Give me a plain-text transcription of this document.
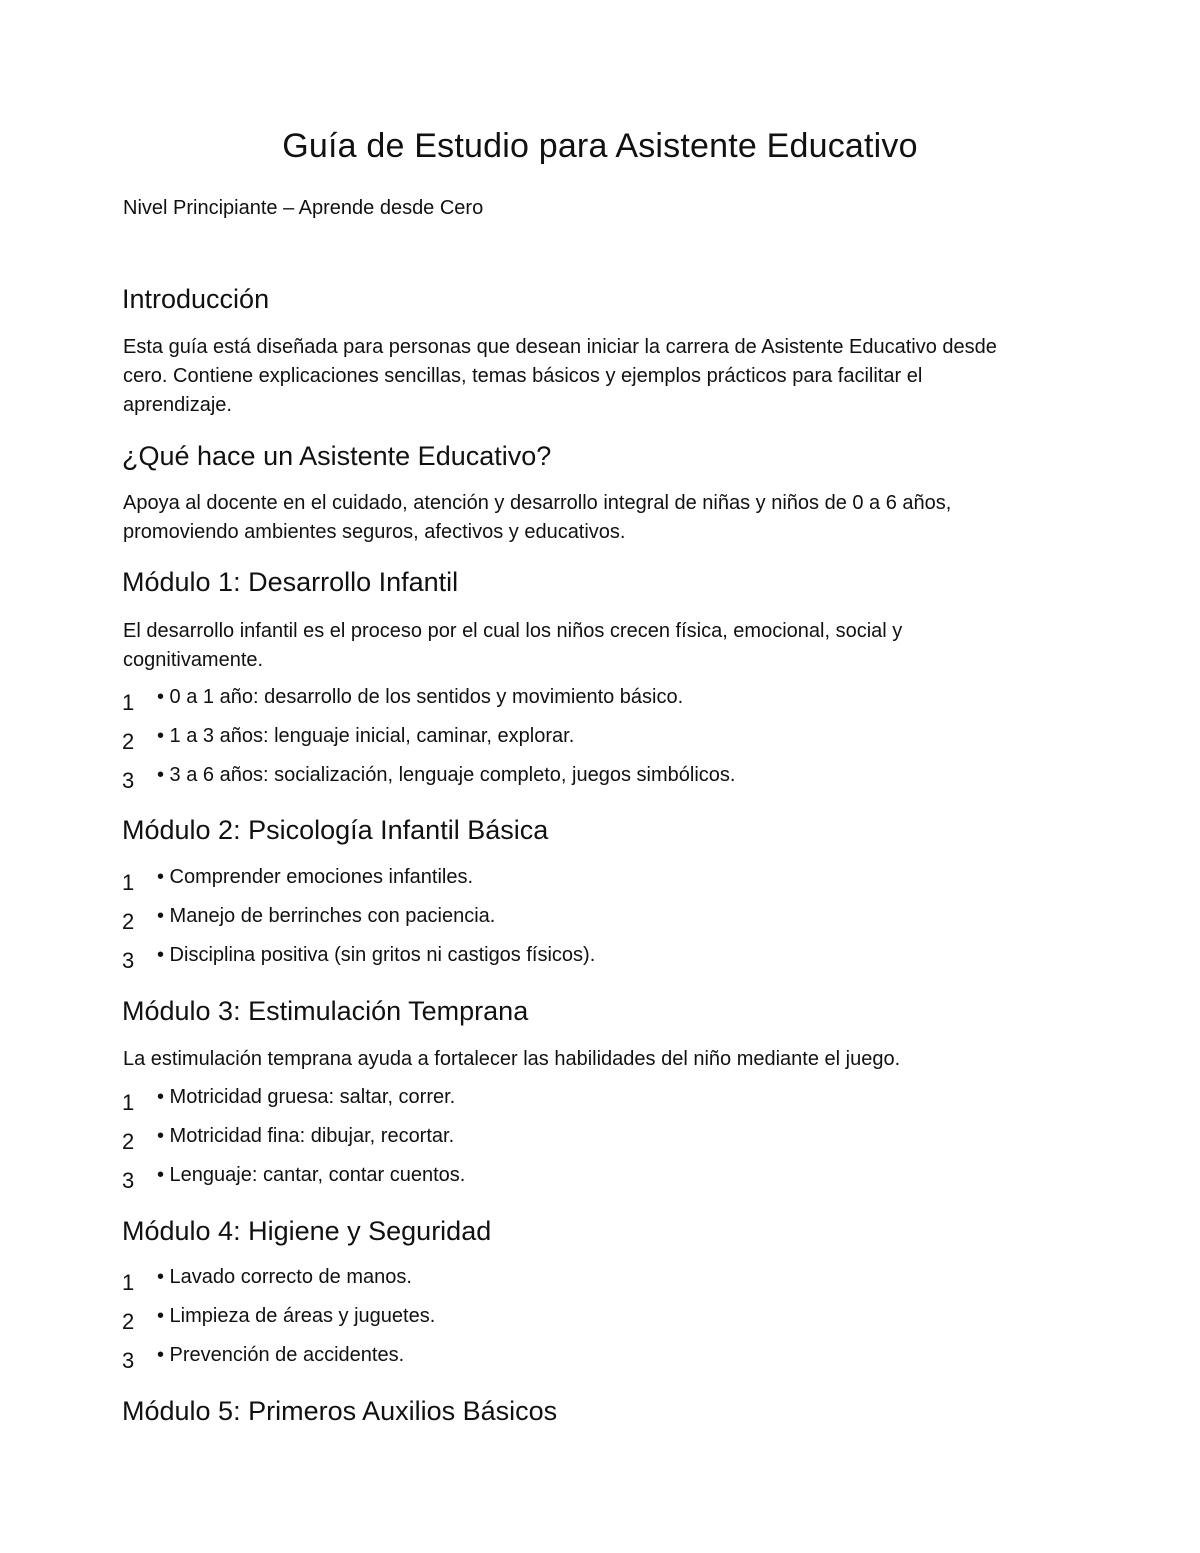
Guía de Estudio para Asistente Educativo

Nivel Principiante – Aprende desde Cero

Introducción
Esta guía está diseñada para personas que desean iniciar la carrera de Asistente Educativo desde
cero. Contiene explicaciones sencillas, temas básicos y ejemplos prácticos para facilitar el
aprendizaje.
¿Qué hace un Asistente Educativo?
Apoya al docente en el cuidado, atención y desarrollo integral de niñas y niños de 0 a 6 años,
promoviendo ambientes seguros, afectivos y educativos.
Módulo 1: Desarrollo Infantil
El desarrollo infantil es el proceso por el cual los niños crecen física, emocional, social y
cognitivamente.
1 • 0 a 1 año: desarrollo de los sentidos y movimiento básico.
2 • 1 a 3 años: lenguaje inicial, caminar, explorar.
3 • 3 a 6 años: socialización, lenguaje completo, juegos simbólicos.
Módulo 2: Psicología Infantil Básica
1 • Comprender emociones infantiles.
2 • Manejo de berrinches con paciencia.
3 • Disciplina positiva (sin gritos ni castigos físicos).
Módulo 3: Estimulación Temprana
La estimulación temprana ayuda a fortalecer las habilidades del niño mediante el juego.
1 • Motricidad gruesa: saltar, correr.
2 • Motricidad fina: dibujar, recortar.
3 • Lenguaje: cantar, contar cuentos.
Módulo 4: Higiene y Seguridad
1 • Lavado correcto de manos.
2 • Limpieza de áreas y juguetes.
3 • Prevención de accidentes.
Módulo 5: Primeros Auxilios Básicos
